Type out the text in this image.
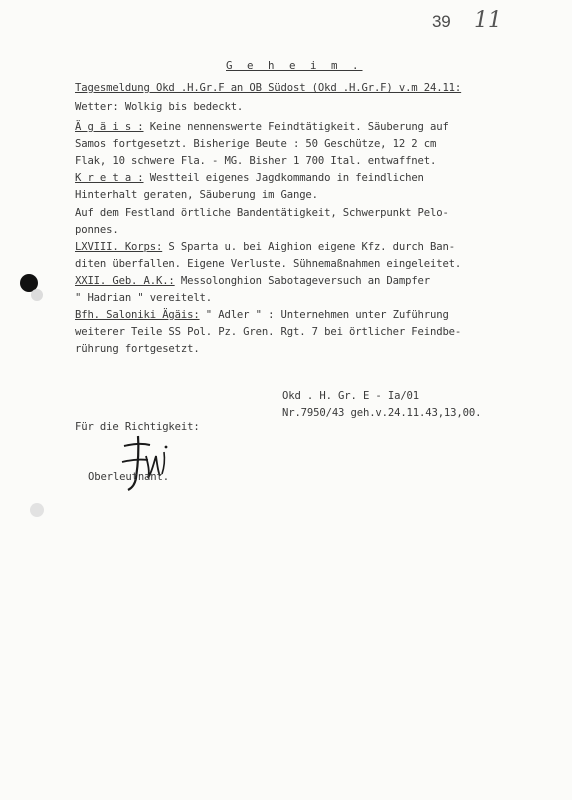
39 11
G e h e i m .
Tagesmeldung Okd .H.Gr.F an OB Südost (Okd .H.Gr.F) v.m 24.11:
Wetter: Wolkig bis bedeckt.
Ä g ä i s : Keine nennenswerte Feindtätigkeit. Säuberung auf
Samos fortgesetzt. Bisherige Beute : 50 Geschütze, 12 2 cm
Flak, 10 schwere Fla. - MG. Bisher 1 700 Ital. entwaffnet.
K r e t a : Westteil eigenes Jagdkommando in feindlichen
Hinterhalt geraten, Säuberung im Gange.
Auf dem Festland örtliche Bandentätigkeit, Schwerpunkt Pelo-
ponnes.
LXVIII. Korps: S Sparta u. bei Aighion eigene Kfz. durch Ban-
diten überfallen. Eigene Verluste. Sühnemaßnahmen eingeleitet.
XXII. Geb. A.K.: Messolonghion Sabotageversuch an Dampfer
" Hadrian " vereitelt.
Bfh. Saloniki Ägäis: " Adler " : Unternehmen unter Zuführung
weiterer Teile SS Pol. Pz. Gren. Rgt. 7 bei örtlicher Feindbe-
rührung fortgesetzt.
Okd . H. Gr. E - Ia/01
Nr.7950/43 geh.v.24.11.43,13,00.
Für die Richtigkeit:
Oberleutnant.
